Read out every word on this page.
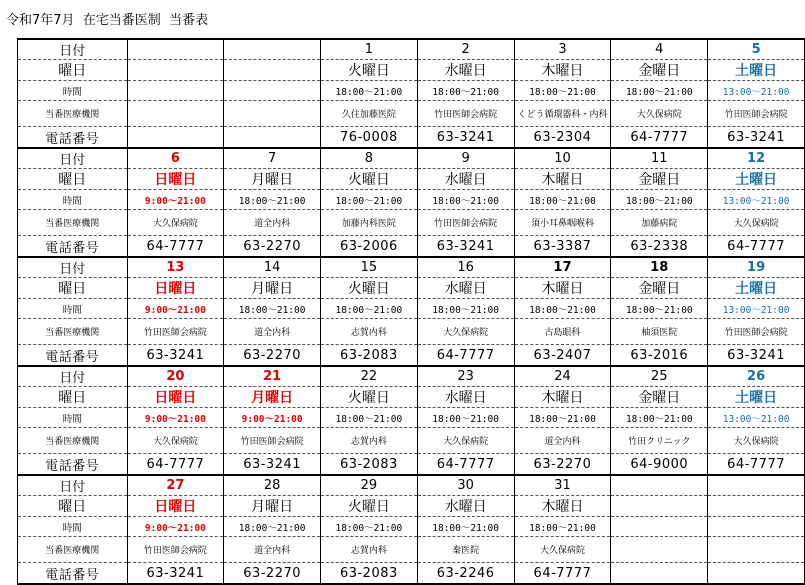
令和7年7月  在宅当番医制  当番表
日付			1	2	3	4	5
曜日			火曜日	水曜日	木曜日	金曜日	土曜日
時間			18:00～21:00	18:00～21:00	18:00～21:00	18:00～21:00	13:00～21:00
当番医療機関			久住加藤医院	竹田医師会病院	くどう循環器科・内科	大久保病院	竹田医師会病院
電話番号			76-0008	63-3241	63-2304	64-7777	63-3241
日付	6	7	8	9	10	11	12
曜日	日曜日	月曜日	火曜日	水曜日	木曜日	金曜日	土曜日
時間	9:00～21:00	18:00～21:00	18:00～21:00	18:00～21:00	18:00～21:00	18:00～21:00	13:00～21:00
当番医療機関	大久保病院	道全内科	加藤内科医院	竹田医師会病院	須小耳鼻咽喉科	加藤病院	大久保病院
電話番号	64-7777	63-2270	63-2006	63-3241	63-3387	63-2338	64-7777
日付	13	14	15	16	17	18	19
曜日	日曜日	月曜日	火曜日	水曜日	木曜日	金曜日	土曜日
時間	9:00～21:00	18:00～21:00	18:00～21:00	18:00～21:00	18:00～21:00	18:00～21:00	13:00～21:00
当番医療機関	竹田医師会病院	道全内科	志賀内科	大久保病院	古島眼科	柚須医院	竹田医師会病院
電話番号	63-3241	63-2270	63-2083	64-7777	63-2407	63-2016	63-3241
日付	20	21	22	23	24	25	26
曜日	日曜日	月曜日	火曜日	水曜日	木曜日	金曜日	土曜日
時間	9:00～21:00	9:00～21:00	18:00～21:00	18:00～21:00	18:00～21:00	18:00～21:00	13:00～21:00
当番医療機関	大久保病院	竹田医師会病院	志賀内科	大久保病院	道全内科	竹田クリニック	大久保病院
電話番号	64-7777	63-3241	63-2083	64-7777	63-2270	64-9000	64-7777
日付	27	28	29	30	31		
曜日	日曜日	月曜日	火曜日	水曜日	木曜日		
時間	9:00～21:00	18:00～21:00	18:00～21:00	18:00～21:00	18:00～21:00		
当番医療機関	竹田医師会病院	道全内科	志賀内科	秦医院	大久保病院		
電話番号	63-3241	63-2270	63-2083	63-2246	64-7777		
